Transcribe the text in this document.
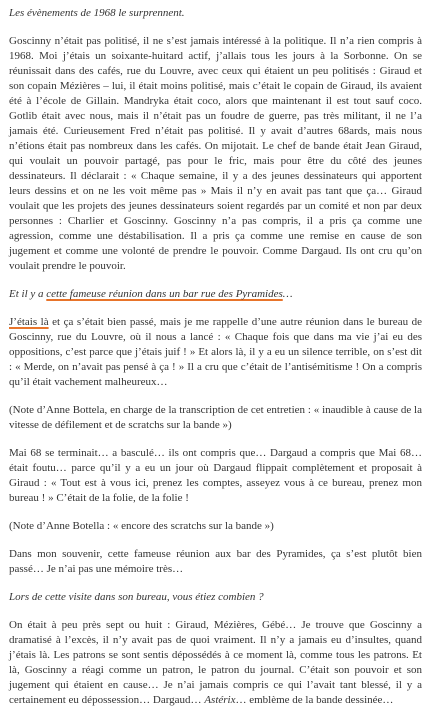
Les évènements de 1968 le surprennent.

Goscinny n’était pas politisé, il ne s’est jamais intéressé à la politique. Il n’a rien compris à 1968. Moi j’étais un soixante-huitard actif, j’allais tous les jours à la Sorbonne. On se réunissait dans des cafés, rue du Louvre, avec ceux qui étaient un peu politisés : Giraud et son copain Mézières – lui, il était moins politisé, mais c’était le copain de Giraud, ils avaient été à l’école de Gillain. Mandryka était coco, alors que maintenant il est tout sauf coco. Gotlib était avec nous, mais il n’était pas un foudre de guerre, pas très militant, il ne l’a jamais été. Curieusement Fred n’était pas politisé. Il y avait d’autres 68ards, mais nous n’étions était pas nombreux dans les cafés. On mijotait. Le chef de bande était Jean Giraud, qui voulait un pouvoir partagé, pas pour le fric, mais pour être du côté des jeunes dessinateurs. Il déclarait : « Chaque semaine, il y a des jeunes dessinateurs qui apportent leurs dessins et on ne les voit même pas » Mais il n’y en avait pas tant que ça… Giraud voulait que les projets des jeunes dessinateurs soient regardés par un comité et non par deux personnes : Charlier et Goscinny. Goscinny n’a pas compris, il a pris ça comme une agression, comme une déstabilisation. Il a pris ça comme une remise en cause de son jugement et comme une volonté de prendre le pouvoir. Comme Dargaud. Ils ont cru qu’on voulait prendre le pouvoir.

Et il y a cette fameuse réunion dans un bar rue des Pyramides…

J’étais là et ça s’était bien passé, mais je me rappelle d’une autre réunion dans le bureau de Goscinny, rue du Louvre, où il nous a lancé : « Chaque fois que dans ma vie j’ai eu des oppositions, c’est parce que j’étais juif ! » Et alors là, il y a eu un silence terrible, on s’est dit : « Merde, on n’avait pas pensé à ça ! » Il a cru que c’était de l’antisémitisme ! On a compris qu’il était vachement malheureux…

(Note d’Anne Bottela, en charge de la transcription de cet entretien : « inaudible à cause de la vitesse de défilement et de scratchs sur la bande »)

Mai 68 se terminait… a basculé… ils ont compris que… Dargaud a compris que Mai 68… était foutu… parce qu’il y a eu un jour où Dargaud flippait complètement et proposait à Giraud : « Tout est à vous ici, prenez les comptes, asseyez vous à ce bureau, prenez mon bureau ! » C’était de la folie, de la folie !

(Note d’Anne Botella : « encore des scratchs sur la bande »)

Dans mon souvenir, cette fameuse réunion aux bar des Pyramides, ça s’est plutôt bien passé… Je n’ai pas une mémoire très…

Lors de cette visite dans son bureau, vous étiez combien ?

On était à peu près sept ou huit : Giraud, Mézières, Gébé… Je trouve que Goscinny a dramatisé à l’excès, il n’y avait pas de quoi vraiment. Il n’y a jamais eu d’insultes, quand j’étais là. Les patrons se sont sentis dépossédés à ce moment là, comme tous les patrons. Et là, Goscinny a réagi comme un patron, le patron du journal. C’était son pouvoir et son jugement qui étaient en cause… Je n’ai jamais compris ce qui l’avait tant blessé, il y a certainement eu dépossession… Dargaud… Astérix… emblème de la bande dessinée…
